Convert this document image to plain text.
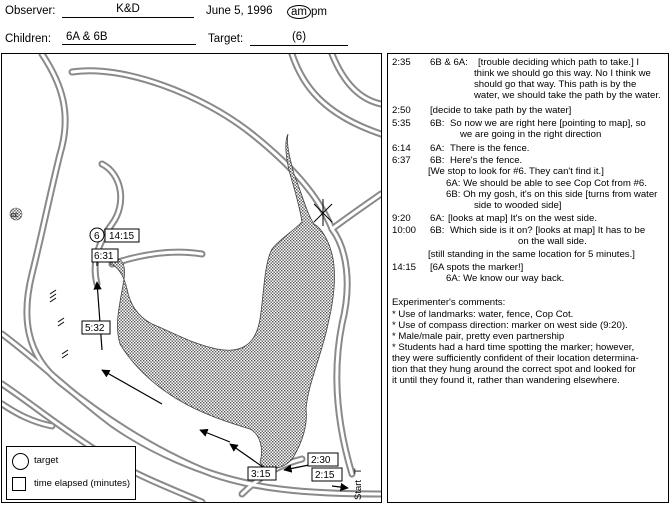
Observer:	K&D	June 5, 1996	am pm
Children:	6A & 6B	Target:	(6)
cc
6 14:15
6:31
5:32
3:15
2:30
2:15
Start
T
target
time elapsed (minutes)
2:35 6B & 6A: [trouble deciding which path to take.] I
think we should go this way. No I think we
should go that way. This path is by the
water, we should take the path by the water.
2:50 [decide to take path by the water]
5:35 6B: So now we are right here [pointing to map], so
we are going in the right direction
6:14 6A: There is the fence.
6:37 6B: Here's the fence.
[We stop to look for #6. They can't find it.]
6A: We should be able to see Cop Cot from #6.
6B: Oh my gosh, it's on this side [turns from water
side to wooded side]
9:20 6A: [looks at map] It's on the west side.
10:00 6B: Which side is it on? [looks at map] It has to be
on the wall side.
[still standing in the same location for 5 minutes.]
14:15 [6A spots the marker!]
6A: We know our way back.
Experimenter's comments:
* Use of landmarks: water, fence, Cop Cot.
* Use of compass direction: marker on west side (9:20).
* Male/male pair, pretty even partnership
* Students had a hard time spotting the marker; however,
they were sufficiently confident of their location determina-
tion that they hung around the correct spot and looked for
it until they found it, rather than wandering elsewhere.
